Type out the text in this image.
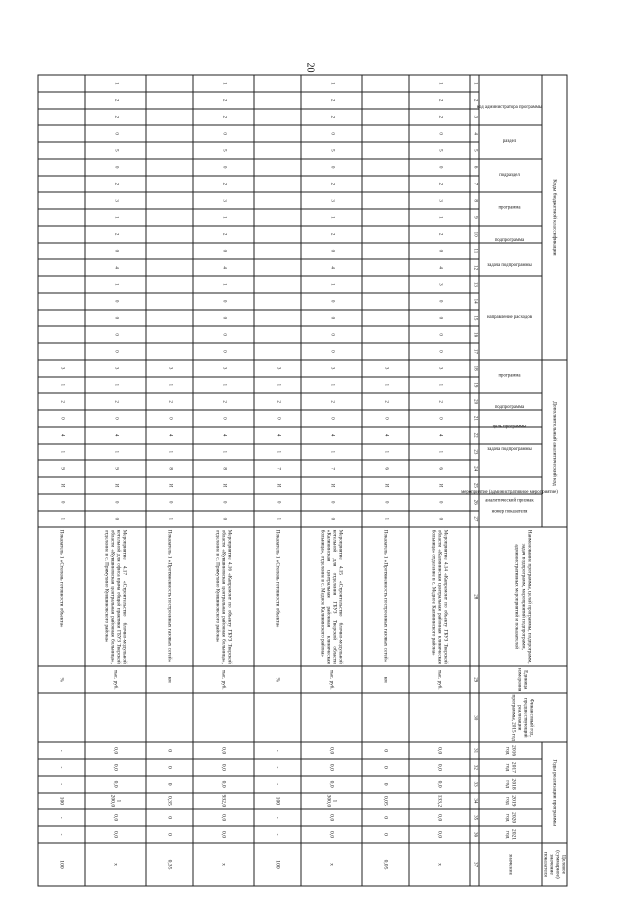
20
Коды бюджетной классификации																	Дополнительный аналитический код										Наименование программы, целей программы, подпрограмм, задач подпрограмм, мероприятий подпрограмм, административных мероприятий и показателей	Единица измерения	Финансовый год, предшествующий реализации программы, 2015 год	Годы реализации программы						Целевое (суммарное) значение показателя
код администратора программы			раздел		подраздел		программа		подпрограмма	задача подпрограммы		направление расходов					программа		подпрограмма	цель программы	задача подпрограммы	мероприятие (административное мероприятие)		аналитический признак	номер показателя					2016 год	2017 год	2018 год	2019 год	2020 год	2021 год	значение
1	2	3	4	5	6	7	8	9	10	11	12	13	14	15	16	17	18	19	20	21	22	23	24	25	26	27	28	29	30	31	32	33	34	35	36	37
1	2	2	0	5	0	2	3	1	2	0	4	3	0	0	0	0	3	1	2	0	4	1	6	И	0	0	Мероприятие 4.14 «Капремонт по объекту ГБУЗ Тверской области «Калининская центральная районная клиническая больница» отделение в с. Медное Калининского района»	тыс. руб.		0,0	0,0	0,0	133,2	0,0	0,0	х
																	3	1	2	0	4	1	6	И	0	1	Показатель 1 «Протяженность построенных газовых сетей»	км		0	0	0	0,05	0	0	0,05
1	2	2	0	5	0	2	3	1	2	0	4	1	0	0	0	0	3	1	2	0	4	1	7	И	0	0	Мероприятие 4.15 «Строительство блочно-модульной котельной для отделения ГБУЗ Тверской области «Калининская центральная районная клиническая больница», отделение в с. Медное Калининского района»	тыс. руб.		0,0	0,0	0,0	1 300,0	0,0	0,0	х
																	3	1	2	0	4	1	7	И	0	1	Показатель 1 «Степень готовности объекта»	%		-	-	-	100	-	-	100
1	2	2	0	5	0	2	3	1	2	0	4	1	0	0	0	0	3	1	2	0	4	1	8	И	0	0	Мероприятие 4.16 «Капремонт по объекту ГБУЗ Тверской области «Кувшиновская центральная районная больница», отделение в с. Прямухино Кувшиновского района»	тыс. руб.		0,0	0,0	0,0	932,0	0,0	0,0	х
																	3	1	2	0	4	1	8	И	0	1	Показатель 1 «Протяженность построенных газовых сетей»	км		0	0	0	0,35	0	0	0,35
1	2	2	0	5	0	2	3	1	2	0	4	1	0	0	0	0	3	1	2	0	4	1	9	И	0	0	Мероприятие 4.17 «Строительство блочно-модульной котельной для офиса врача общей практики ГБУЗ Тверской области «Кувшиновская центральная районная больница», отделение в с. Прямухино Кувшиновского района»	тыс. руб.		0,0	0,0	0,0	1 200,0	0,0	0,0	х
																	3	1	2	0	4	1	9	И	0	1	Показатель 1 «Степень готовности объекта»	%		-	-	-	100	-	-	100
